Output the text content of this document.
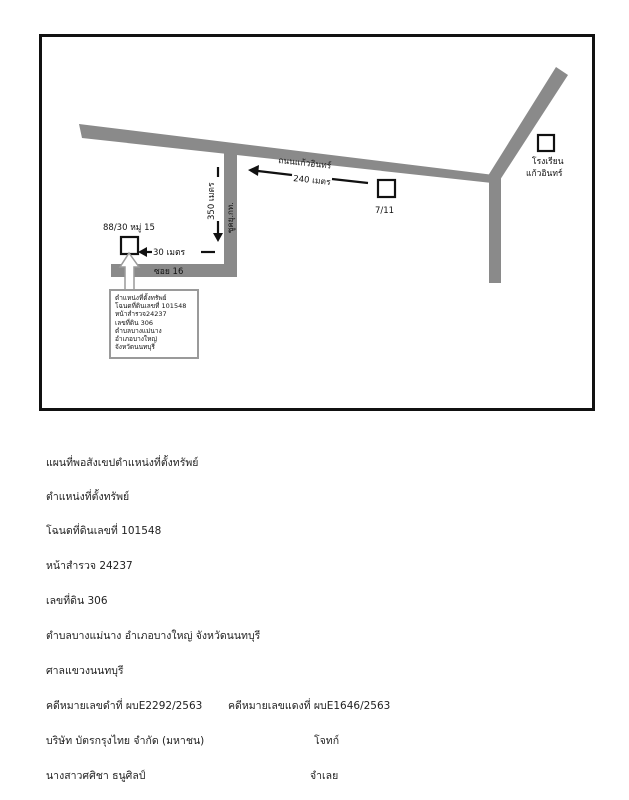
ถนนแก้วอินทร์
ซูคยุ.กท.
ซอย 16
240 เมตร
350 เมตร
30 เมตร
7/11
โรงเรียน
แก้วอินทร์
88/30 หมู่ 15
ตำแหน่งที่ตั้งทรัพย์
โฉนดที่ดินเลขที่ 101548
หน้าสำรวจ24237
เลขที่ดิน 306
ตำบลบางแม่นาง
อำเภอบางใหญ่
จังหวัดนนทบุรี
แผนที่พอสังเขปตำแหน่งที่ตั้งทรัพย์
ตำแหน่งที่ตั้งทรัพย์
โฉนดที่ดินเลขที่ 101548
หน้าสำรวจ 24237
เลขที่ดิน 306
ตำบลบางแม่นาง อำเภอบางใหญ่ จังหวัดนนทบุรี
ศาลแขวงนนทบุรี
คดีหมายเลขดำที่ ผบE2292/2563 คดีหมายเลขแดงที่ ผบE1646/2563
บริษัท บัตรกรุงไทย จำกัด (มหาชน)	โจทก์
นางสาวศศิชา ธนูศิลป์	จำเลย
